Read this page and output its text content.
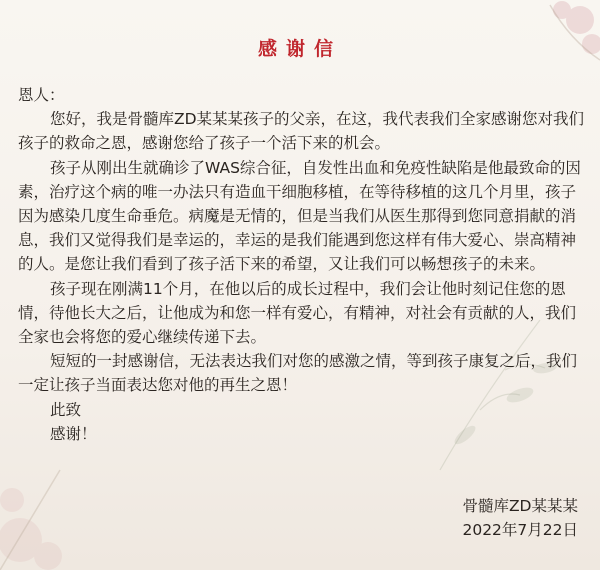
感谢信

恩人：

您好，我是骨髓库ZD某某某孩子的父亲，在这，我代表我们全家感谢您对我们孩子的救命之恩，感谢您给了孩子一个活下来的机会。

孩子从刚出生就确诊了WAS综合征，自发性出血和免疫性缺陷是他最致命的因素，治疗这个病的唯一办法只有造血干细胞移植，在等待移植的这几个月里，孩子因为感染几度生命垂危。病魔是无情的，但是当我们从医生那得到您同意捐献的消息，我们又觉得我们是幸运的，幸运的是我们能遇到您这样有伟大爱心、崇高精神的人。是您让我们看到了孩子活下来的希望，又让我们可以畅想孩子的未来。

孩子现在刚满11个月，在他以后的成长过程中，我们会让他时刻记住您的恩情，待他长大之后，让他成为和您一样有爱心，有精神，对社会有贡献的人，我们全家也会将您的爱心继续传递下去。

短短的一封感谢信，无法表达我们对您的感激之情，等到孩子康复之后，我们一定让孩子当面表达您对他的再生之恩！

此致

感谢！

骨髓库ZD某某某
2022年7月22日
